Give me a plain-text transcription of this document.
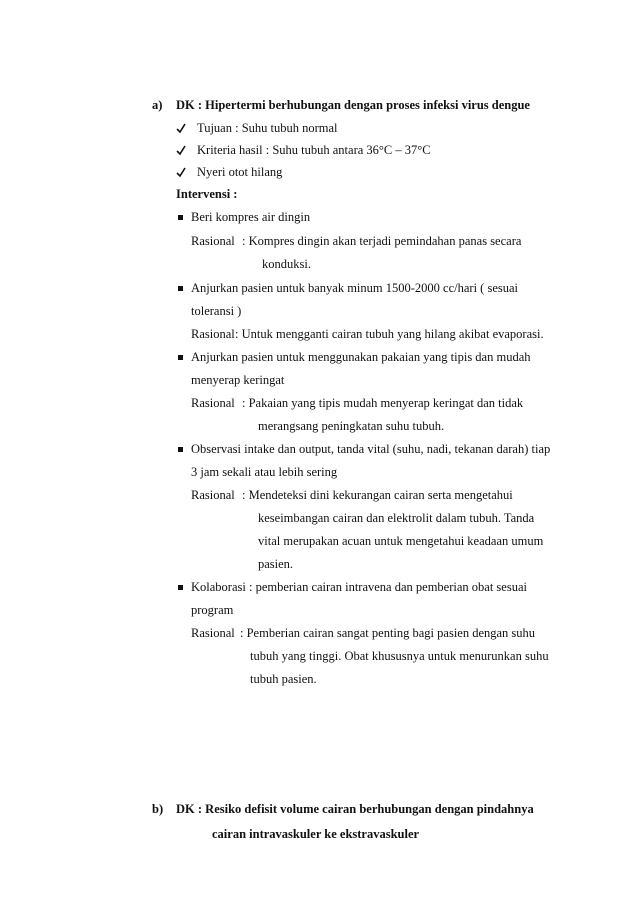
a) DK : Hipertermi berhubungan dengan proses infeksi virus dengue
Tujuan : Suhu tubuh normal
Kriteria hasil : Suhu tubuh antara 36°C – 37°C
Nyeri otot hilang
Intervensi :
Beri kompres air dingin
Rasional : Kompres dingin akan terjadi pemindahan panas secara
konduksi.
Anjurkan pasien untuk banyak minum 1500-2000 cc/hari ( sesuai
toleransi )
Rasional : Untuk mengganti cairan tubuh yang hilang akibat evaporasi.
Anjurkan pasien untuk menggunakan pakaian yang tipis dan mudah
menyerap keringat
Rasional : Pakaian yang tipis mudah menyerap keringat dan tidak
merangsang peningkatan suhu tubuh.
Observasi intake dan output, tanda vital (suhu, nadi, tekanan darah) tiap
3 jam sekali atau lebih sering
Rasional : Mendeteksi dini kekurangan cairan serta mengetahui
keseimbangan cairan dan elektrolit dalam tubuh. Tanda
vital merupakan acuan untuk mengetahui keadaan umum
pasien.
Kolaborasi : pemberian cairan intravena dan pemberian obat sesuai
program
Rasional : Pemberian cairan sangat penting bagi pasien dengan suhu
tubuh yang tinggi. Obat khususnya untuk menurunkan suhu
tubuh pasien.
b) DK : Resiko defisit volume cairan berhubungan dengan pindahnya
cairan intravaskuler ke ekstravaskuler
